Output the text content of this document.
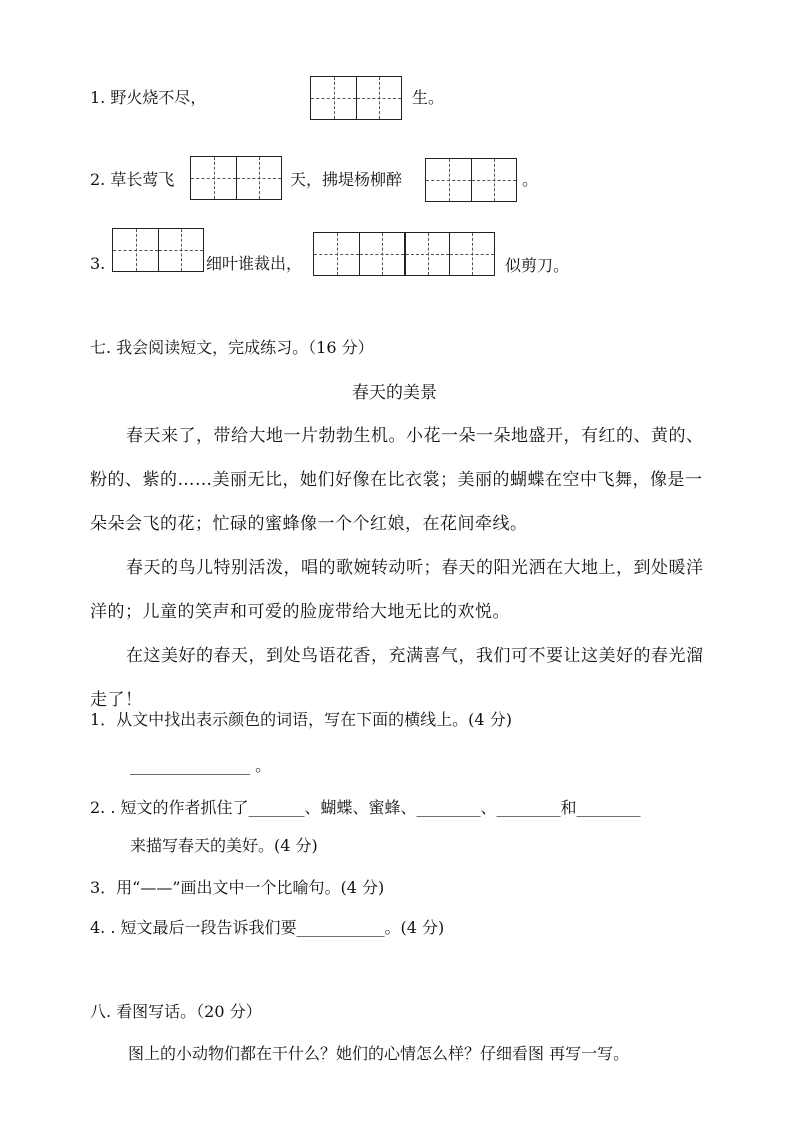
1. 野火烧不尽，	生。
2. 草长莺飞	天，拂堤杨柳醉	。
3.	细叶谁裁出，	似剪刀。
七. 我会阅读短文，完成练习。（16 分）
春天的美景
春天来了，带给大地一片勃勃生机。小花一朵一朵地盛开，有红的、黄的、粉的、紫的……美丽无比，她们好像在比衣裳；美丽的蝴蝶在空中飞舞，像是一朵朵会飞的花；忙碌的蜜蜂像一个个红娘，在花间牵线。
春天的鸟儿特别活泼，唱的歌婉转动听；春天的阳光洒在大地上，到处暖洋洋的；儿童的笑声和可爱的脸庞带给大地无比的欢悦。
在这美好的春天，到处鸟语花香，充满喜气，我们可不要让这美好的春光溜走了！
1．从文中找出表示颜色的词语，写在下面的横线上。(4 分)
_______________ 。
2. . 短文的作者抓住了_______、蝴蝶、蜜蜂、________、________和________
来描写春天的美好。(4 分)
3．用“——”画出文中一个比喻句。(4 分)
4. . 短文最后一段告诉我们要___________。(4 分)
八. 看图写话。（20 分）
图上的小动物们都在干什么？她们的心情怎么样？仔细看图 再写一写。
